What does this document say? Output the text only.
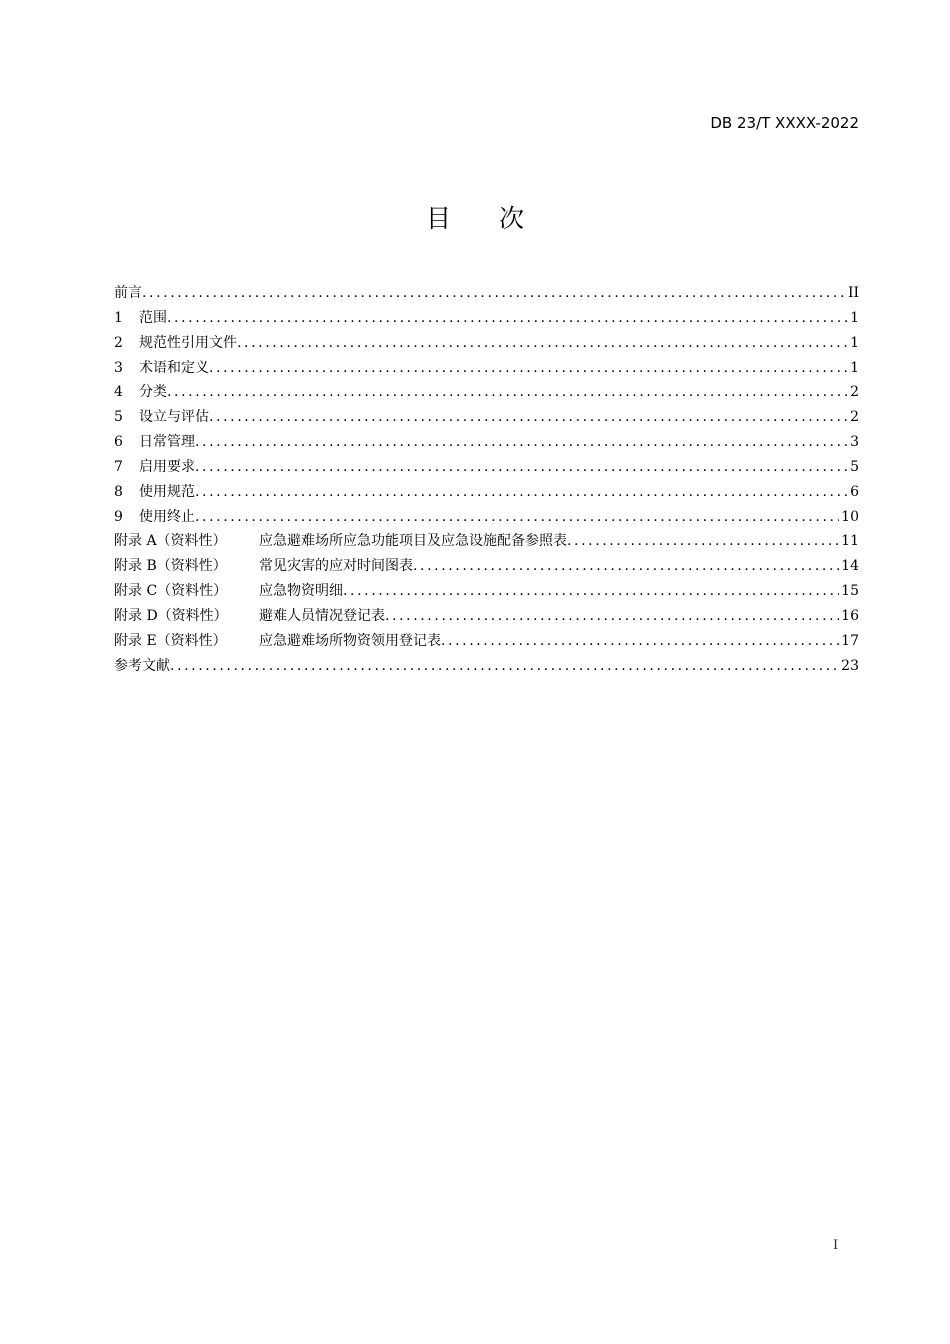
DB 23/T XXXX-2022
目 次
前言 .....	II
1	范围 .....	1
2	规范性引用文件 .....	1
3	术语和定义 .....	1
4	分类 .....	2
5	设立与评估 .....	2
6	日常管理 .....	3
7	启用要求 .....	5
8	使用规范 .....	6
9	使用终止 .....	10
附录 A（资料性）	应急避难场所应急功能项目及应急设施配备参照表 .....	11
附录 B（资料性）	常见灾害的应对时间图表 .....	14
附录 C（资料性）	应急物资明细 .....	15
附录 D（资料性）	避难人员情况登记表 .....	16
附录 E（资料性）	应急避难场所物资领用登记表 .....	17
参考文献 .....	23
I
